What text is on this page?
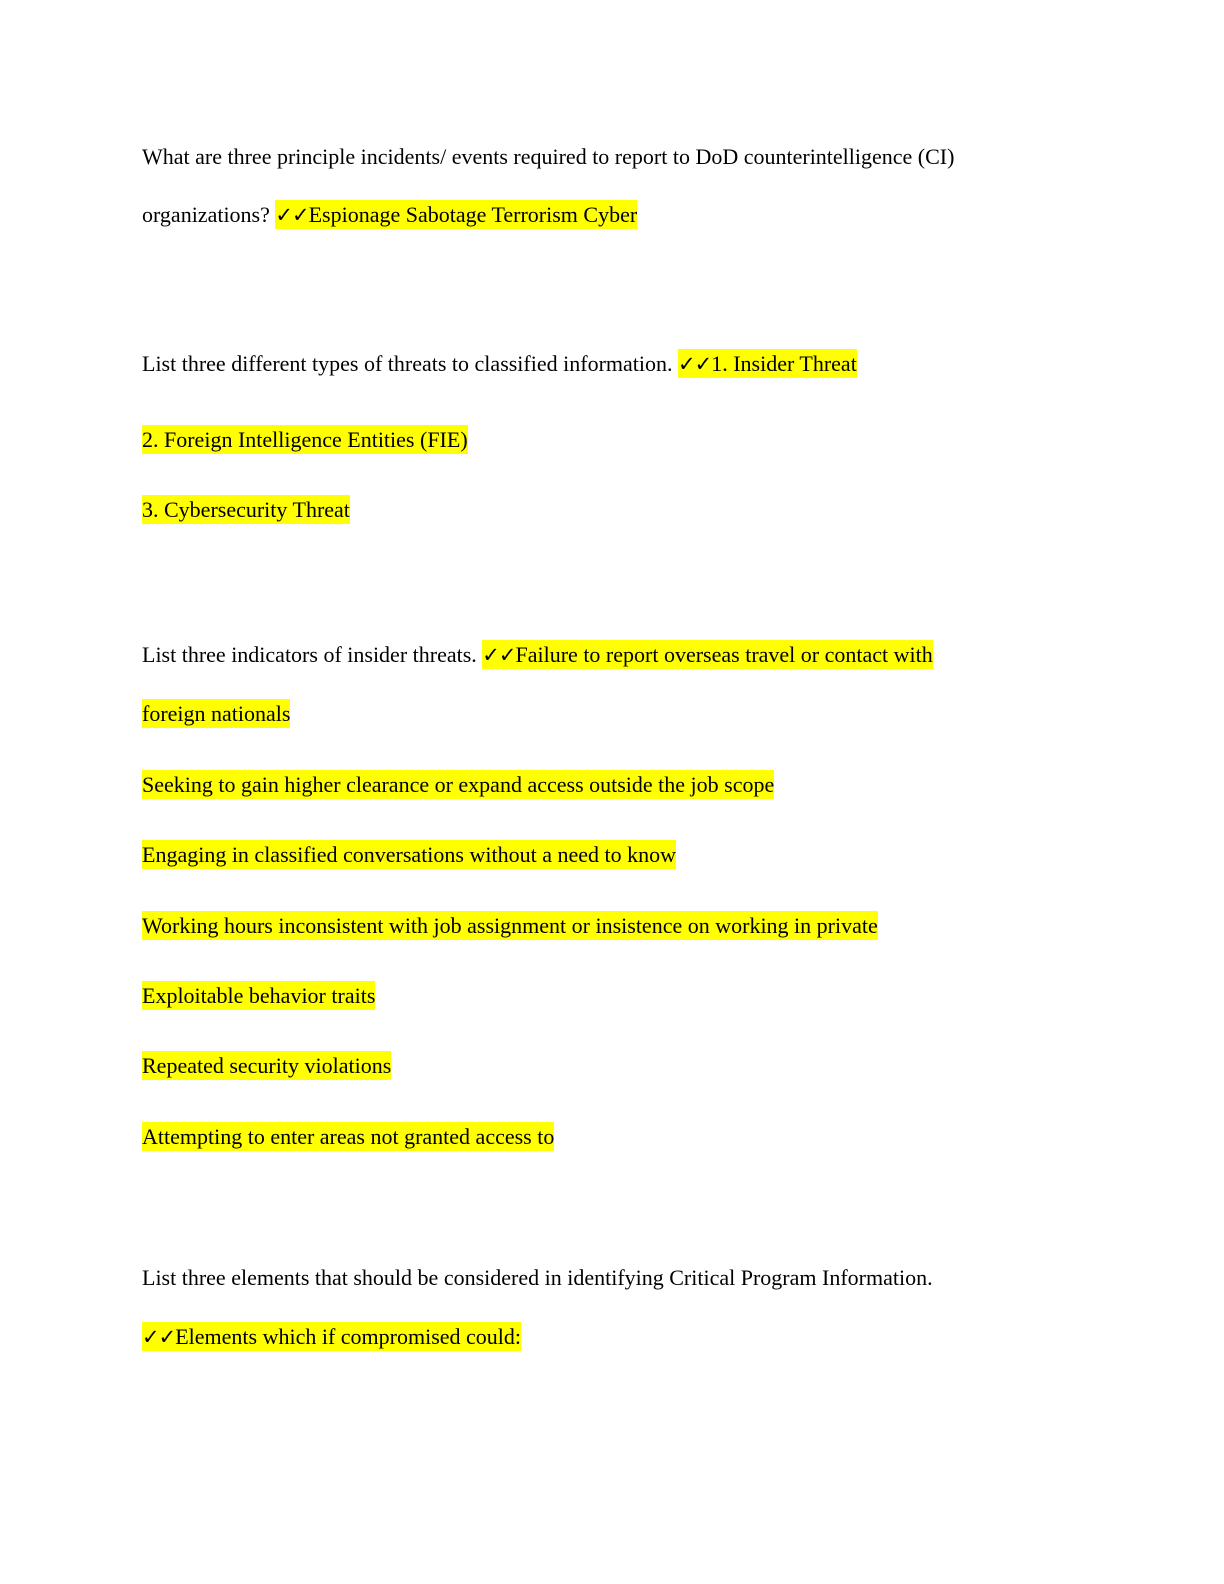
What are three principle incidents/ events required to report to DoD counterintelligence (CI)
organizations? ✓✓Espionage Sabotage Terrorism Cyber
List three different types of threats to classified information. ✓✓1. Insider Threat
2. Foreign Intelligence Entities (FIE)
3. Cybersecurity Threat
List three indicators of insider threats. ✓✓Failure to report overseas travel or contact with
foreign nationals
Seeking to gain higher clearance or expand access outside the job scope
Engaging in classified conversations without a need to know
Working hours inconsistent with job assignment or insistence on working in private
Exploitable behavior traits
Repeated security violations
Attempting to enter areas not granted access to
List three elements that should be considered in identifying Critical Program Information.
✓✓Elements which if compromised could:
